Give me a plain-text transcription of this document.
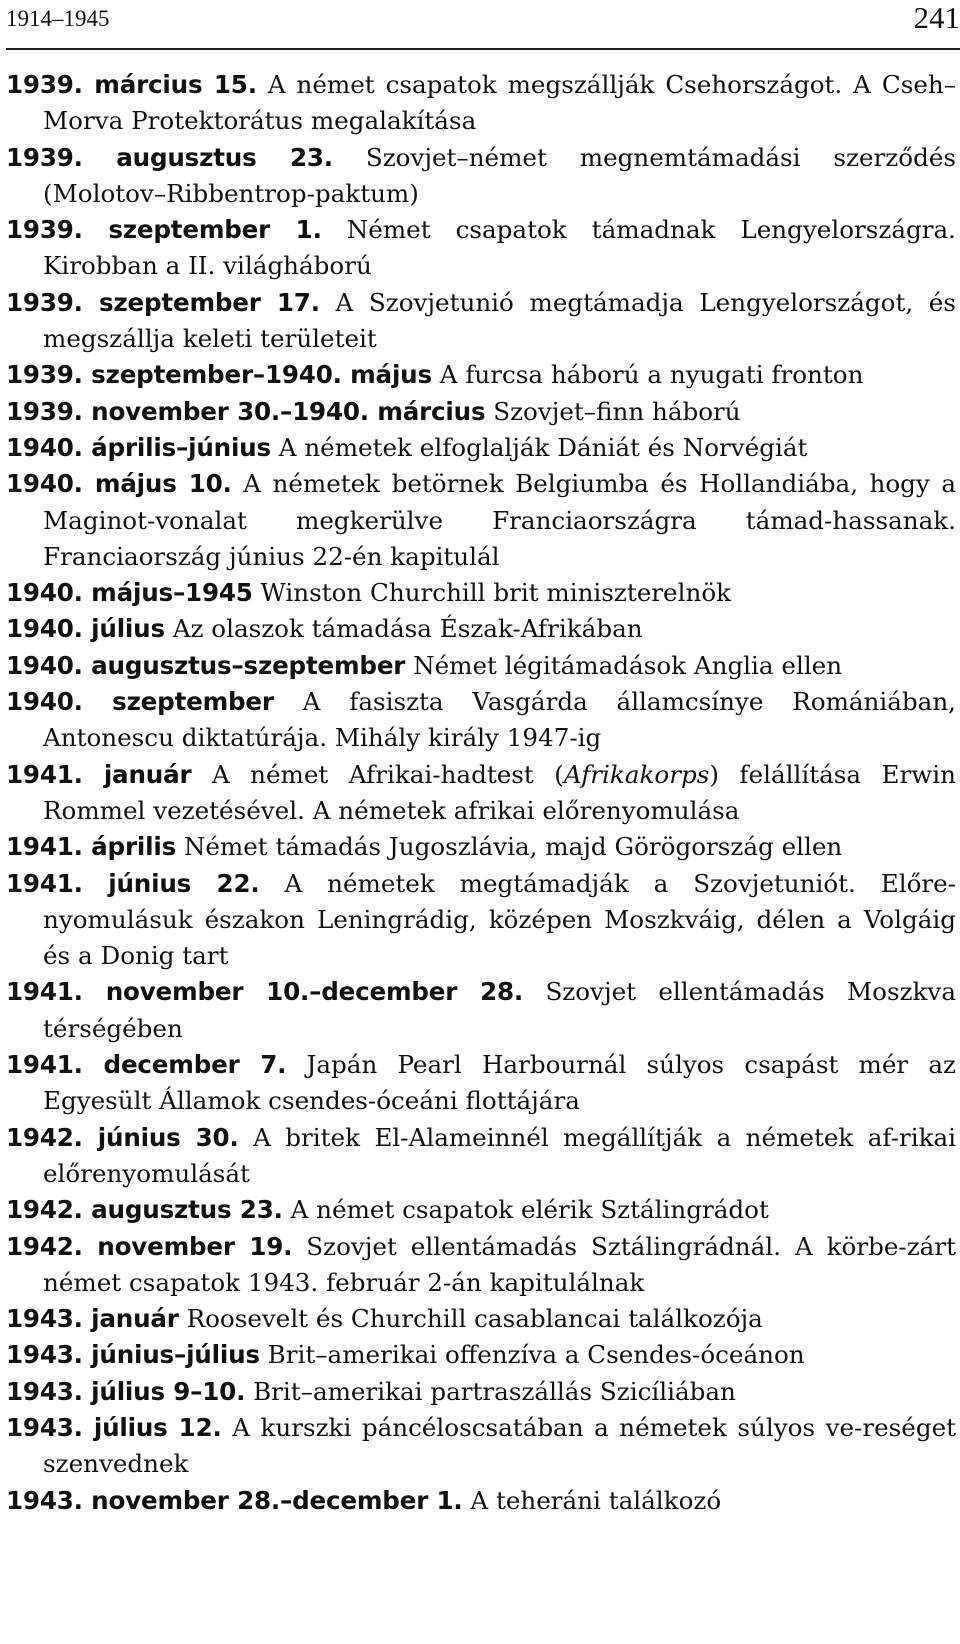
1914–1945	241
1939. március 15. A német csapatok megszállják Csehországot. A Cseh–Morva Protektorátus megalakítása
1939. augusztus 23. Szovjet–német megnemtámadási szerződés (Molotov–Ribbentrop-paktum)
1939. szeptember 1. Német csapatok támadnak Lengyelországra. Kirobban a II. világháború
1939. szeptember 17. A Szovjetunió megtámadja Lengyelországot, és megszállja keleti területeit
1939. szeptember–1940. május A furcsa háború a nyugati fronton
1939. november 30.–1940. március Szovjet–finn háború
1940. április–június A németek elfoglalják Dániát és Norvégiát
1940. május 10. A németek betörnek Belgiumba és Hollandiába, hogy a Maginot-vonalat megkerülve Franciaországra támad-hassanak. Franciaország június 22-én kapitulál
1940. május–1945 Winston Churchill brit miniszterelnök
1940. július Az olaszok támadása Észak-Afrikában
1940. augusztus–szeptember Német légitámadások Anglia ellen
1940. szeptember A fasiszta Vasgárda államcsínye Romániában, Antonescu diktatúrája. Mihály király 1947-ig
1941. január A német Afrikai-hadtest (Afrikakorps) felállítása Erwin Rommel vezetésével. A németek afrikai előrenyomulása
1941. április Német támadás Jugoszlávia, majd Görögország ellen
1941. június 22. A németek megtámadják a Szovjetuniót. Előre-nyomulásuk északon Leningrádig, középen Moszkváig, délen a Volgáig és a Donig tart
1941. november 10.–december 28. Szovjet ellentámadás Moszkva térségében
1941. december 7. Japán Pearl Harbournál súlyos csapást mér az Egyesült Államok csendes-óceáni flottájára
1942. június 30. A britek El-Alameinnél megállítják a németek af-rikai előrenyomulását
1942. augusztus 23. A német csapatok elérik Sztálingrádot
1942. november 19. Szovjet ellentámadás Sztálingrádnál. A körbe-zárt német csapatok 1943. február 2-án kapitulálnak
1943. január Roosevelt és Churchill casablancai találkozója
1943. június–július Brit–amerikai offenzíva a Csendes-óceánon
1943. július 9–10. Brit–amerikai partraszállás Szicíliában
1943. július 12. A kurszki páncéloscsatában a németek súlyos ve-reséget szenvednek
1943. november 28.–december 1. A teheráni találkozó
